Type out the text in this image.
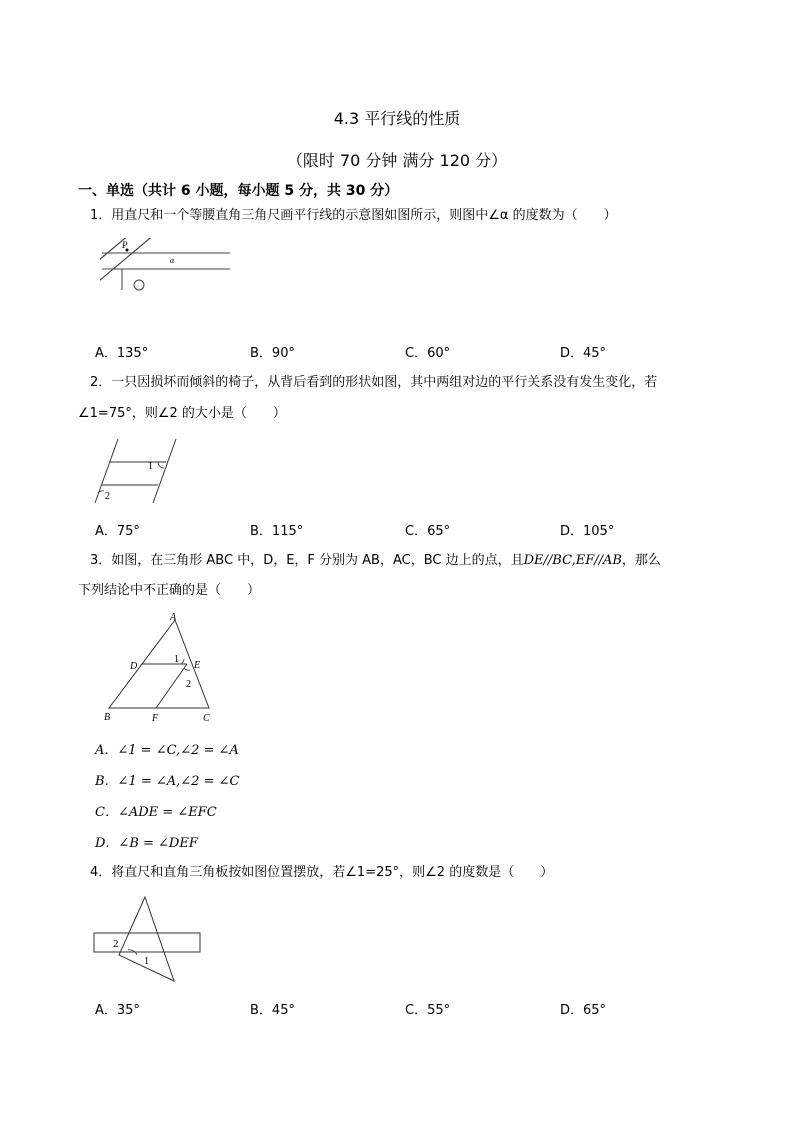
4.3 平行线的性质
（限时 70 分钟 满分 120 分）
一、单选（共计 6 小题，每小题 5 分，共 30 分）
1．用直尺和一个等腰直角三角尺画平行线的示意图如图所示，则图中∠α 的度数为（　　）
P
α
A．135°	B．90°	C．60°	D．45°
2．一只因损坏而倾斜的椅子，从背后看到的形状如图，其中两组对边的平行关系没有发生变化，若
∠1=75°，则∠2 的大小是（　　）
1
2
A．75°	B．115°	C．65°	D．105°
3．如图，在三角形 ABC 中，D，E，F 分别为 AB，AC，BC 边上的点，且DE//BC,EF//AB，那么
下列结论中不正确的是（　　）
A
D	E
B	F	C
1
2
A．∠1 = ∠C,∠2 = ∠A
B．∠1 = ∠A,∠2 = ∠C
C．∠ADE = ∠EFC
D．∠B = ∠DEF
4．将直尺和直角三角板按如图位置摆放，若∠1=25°，则∠2 的度数是（　　）
2
1
A．35°	B．45°	C．55°	D．65°
